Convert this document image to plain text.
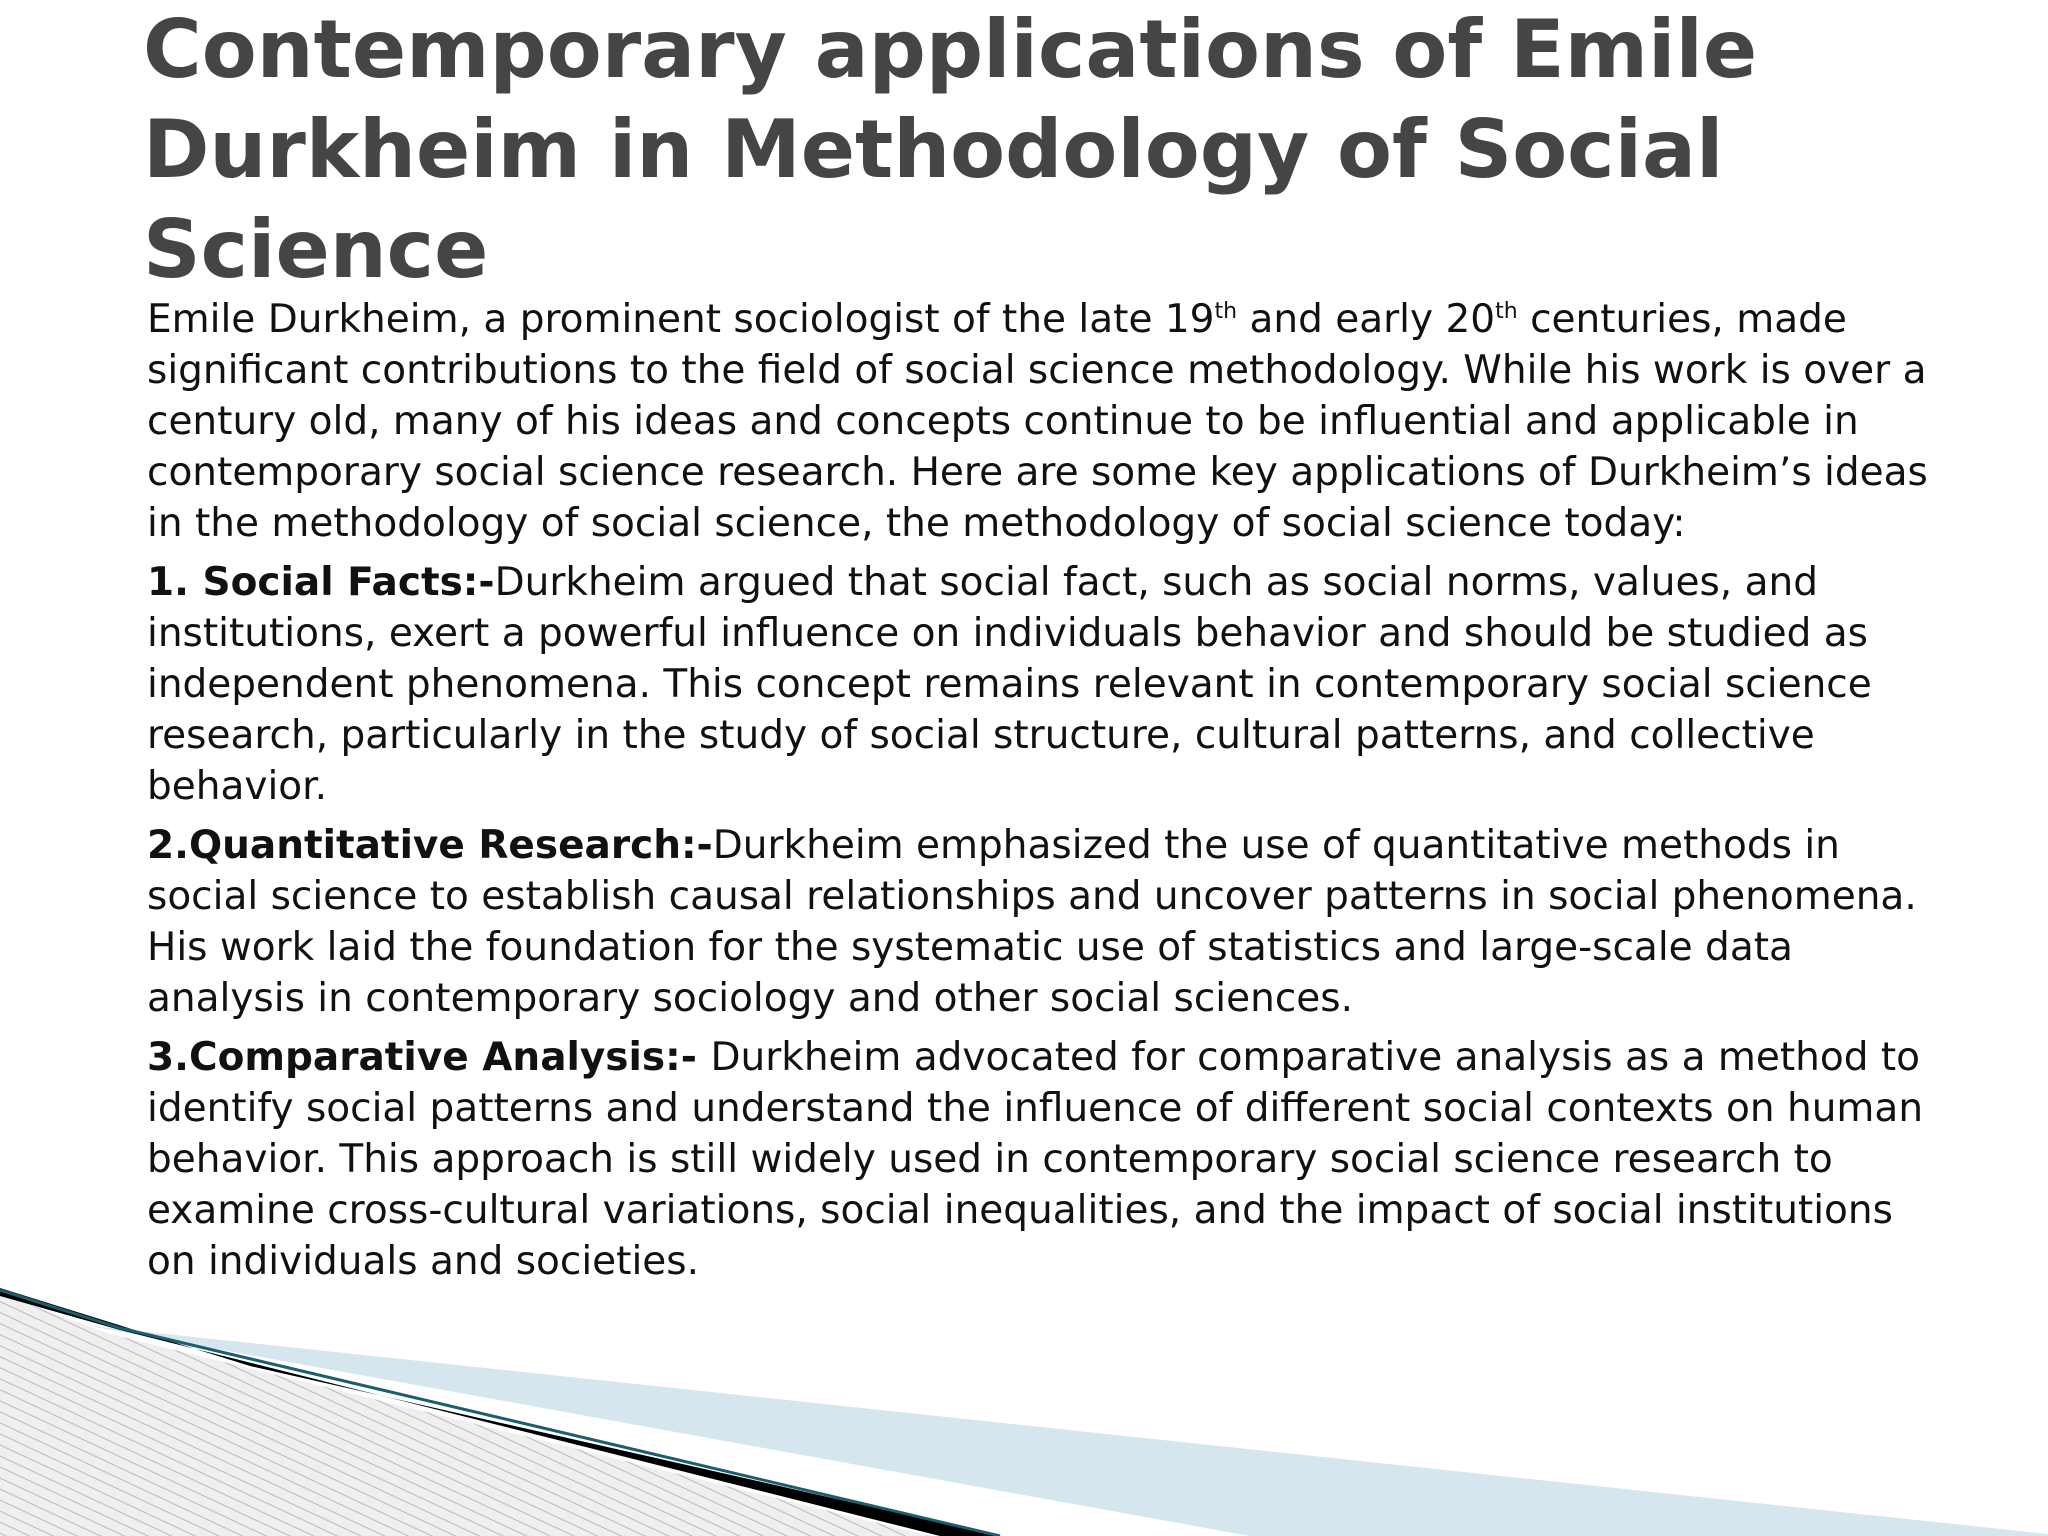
Contemporary applications of Emile Durkheim in Methodology of Social Science

Emile Durkheim, a prominent sociologist of the late 19th and early 20th centuries, made significant contributions to the field of social science methodology. While his work is over a century old, many of his ideas and concepts continue to be influential and applicable in contemporary social science research. Here are some key applications of Durkheim’s ideas in the methodology of social science, the methodology of social science today:

1. Social Facts:-Durkheim argued that social fact, such as social norms, values, and institutions, exert a powerful influence on individuals behavior and should be studied as independent phenomena. This concept remains relevant in contemporary social science research, particularly in the study of social structure, cultural patterns, and collective behavior.

2.Quantitative Research:-Durkheim emphasized the use of quantitative methods in social science to establish causal relationships and uncover patterns in social phenomena. His work laid the foundation for the systematic use of statistics and large-scale data analysis in contemporary sociology and other social sciences.

3.Comparative Analysis:- Durkheim advocated for comparative analysis as a method to identify social patterns and understand the influence of different social contexts on human behavior. This approach is still widely used in contemporary social science research to examine cross-cultural variations, social inequalities, and the impact of social institutions on individuals and societies.
